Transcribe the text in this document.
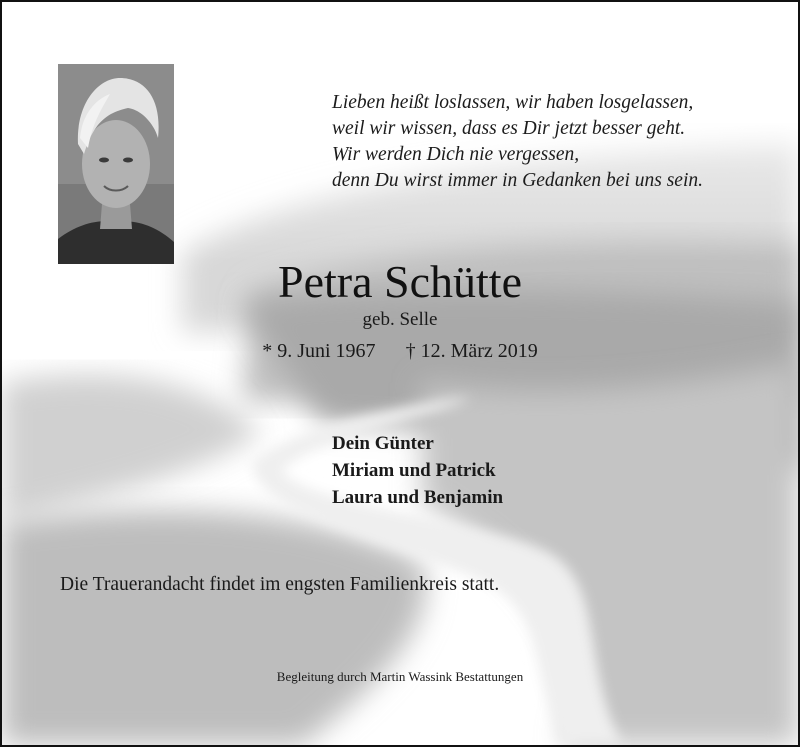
Lieben heißt loslassen, wir haben losgelassen,
weil wir wissen, dass es Dir jetzt besser geht.
Wir werden Dich nie vergessen,
denn Du wirst immer in Gedanken bei uns sein.
Petra Schütte
geb. Selle
* 9. Juni 1967 † 12. März 2019
Dein Günter
Miriam und Patrick
Laura und Benjamin
Die Trauerandacht findet im engsten Familienkreis statt.
Begleitung durch Martin Wassink Bestattungen
